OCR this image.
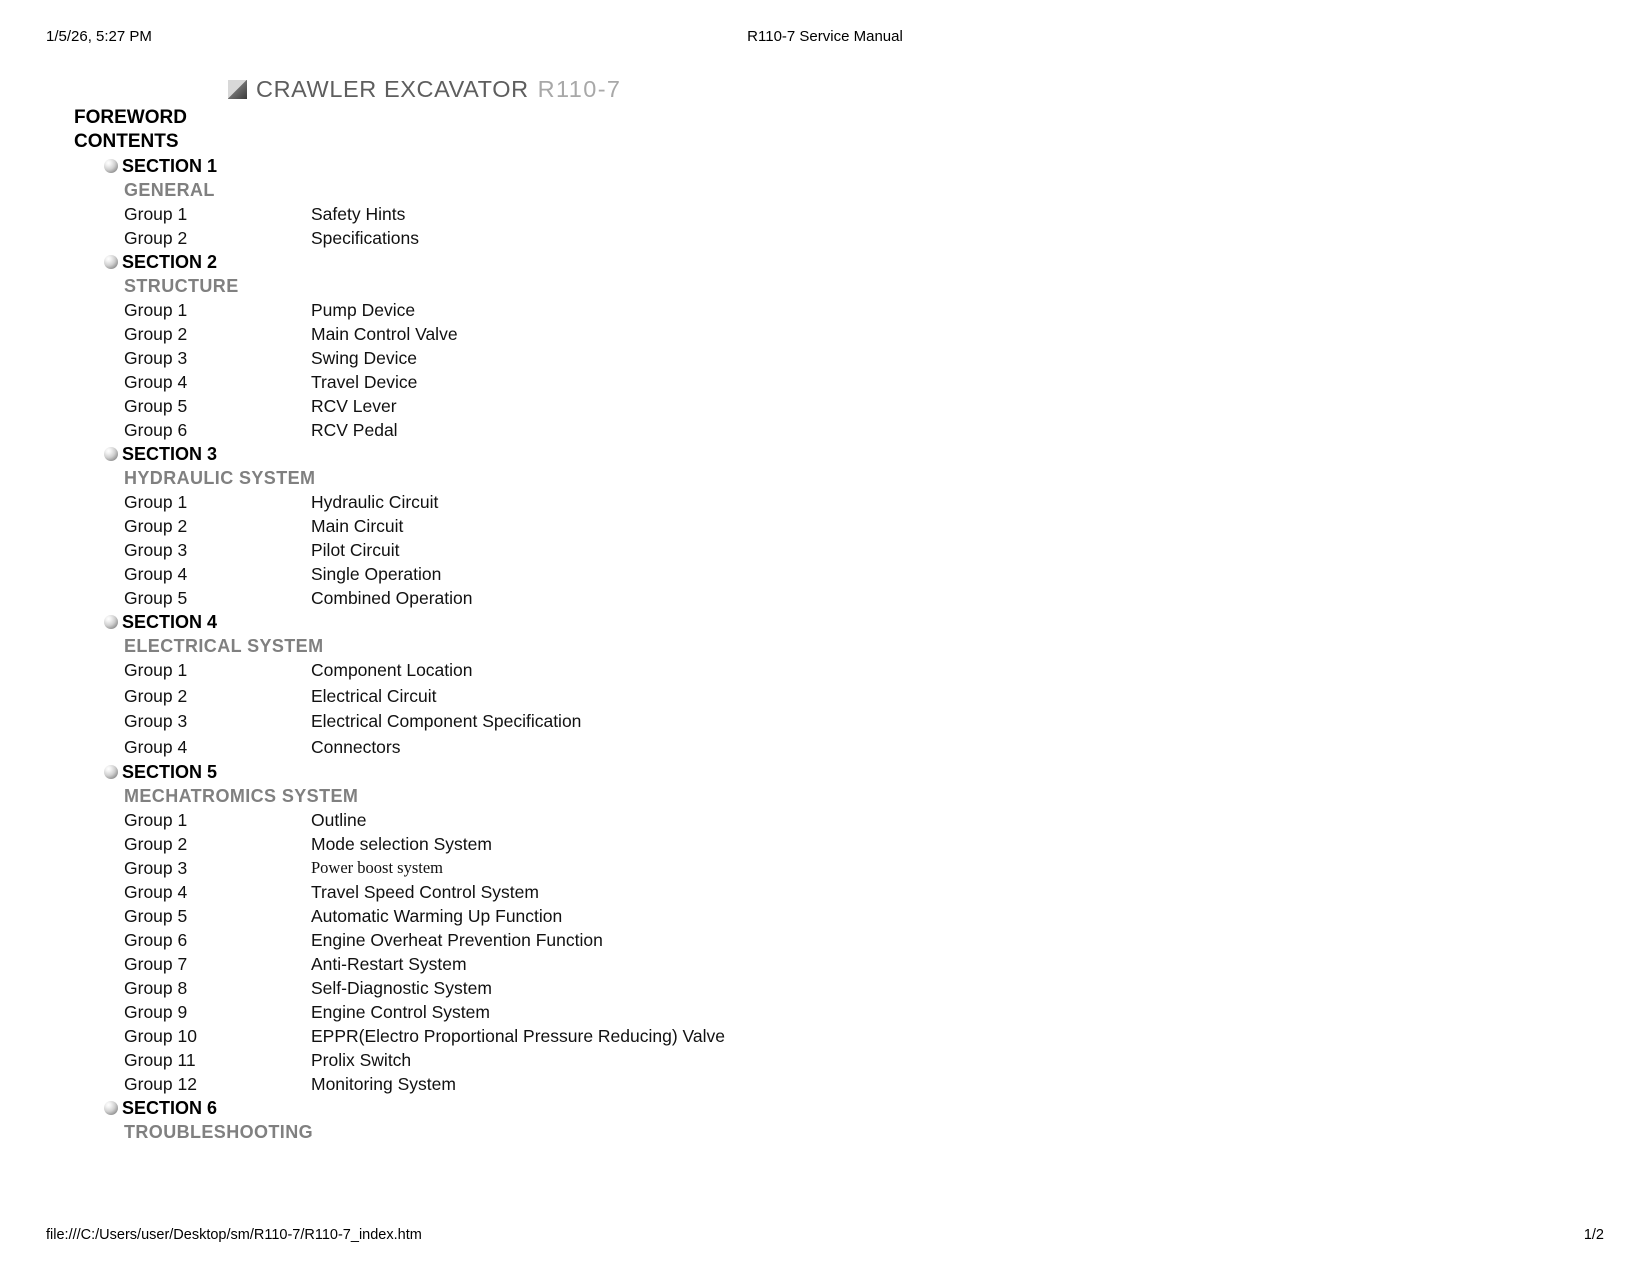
1/5/26, 5:27 PM	R110-7 Service Manual
CRAWLER EXCAVATOR R110-7
FOREWORD
CONTENTS
SECTION 1
GENERAL
Group 1	Safety Hints
Group 2	Specifications
SECTION 2
STRUCTURE
Group 1	Pump Device
Group 2	Main Control Valve
Group 3	Swing Device
Group 4	Travel Device
Group 5	RCV Lever
Group 6	RCV Pedal
SECTION 3
HYDRAULIC SYSTEM
Group 1	Hydraulic Circuit
Group 2	Main Circuit
Group 3	Pilot Circuit
Group 4	Single Operation
Group 5	Combined Operation
SECTION 4
ELECTRICAL SYSTEM
Group 1	Component Location
Group 2	Electrical Circuit
Group 3	Electrical Component Specification
Group 4	Connectors
SECTION 5
MECHATROMICS SYSTEM
Group 1	Outline
Group 2	Mode selection System
Group 3	Power boost system
Group 4	Travel Speed Control System
Group 5	Automatic Warming Up Function
Group 6	Engine Overheat Prevention Function
Group 7	Anti-Restart System
Group 8	Self-Diagnostic System
Group 9	Engine Control System
Group 10	EPPR(Electro Proportional Pressure Reducing) Valve
Group 11	Prolix Switch
Group 12	Monitoring System
SECTION 6
TROUBLESHOOTING
file:///C:/Users/user/Desktop/sm/R110-7/R110-7_index.htm	1/2
